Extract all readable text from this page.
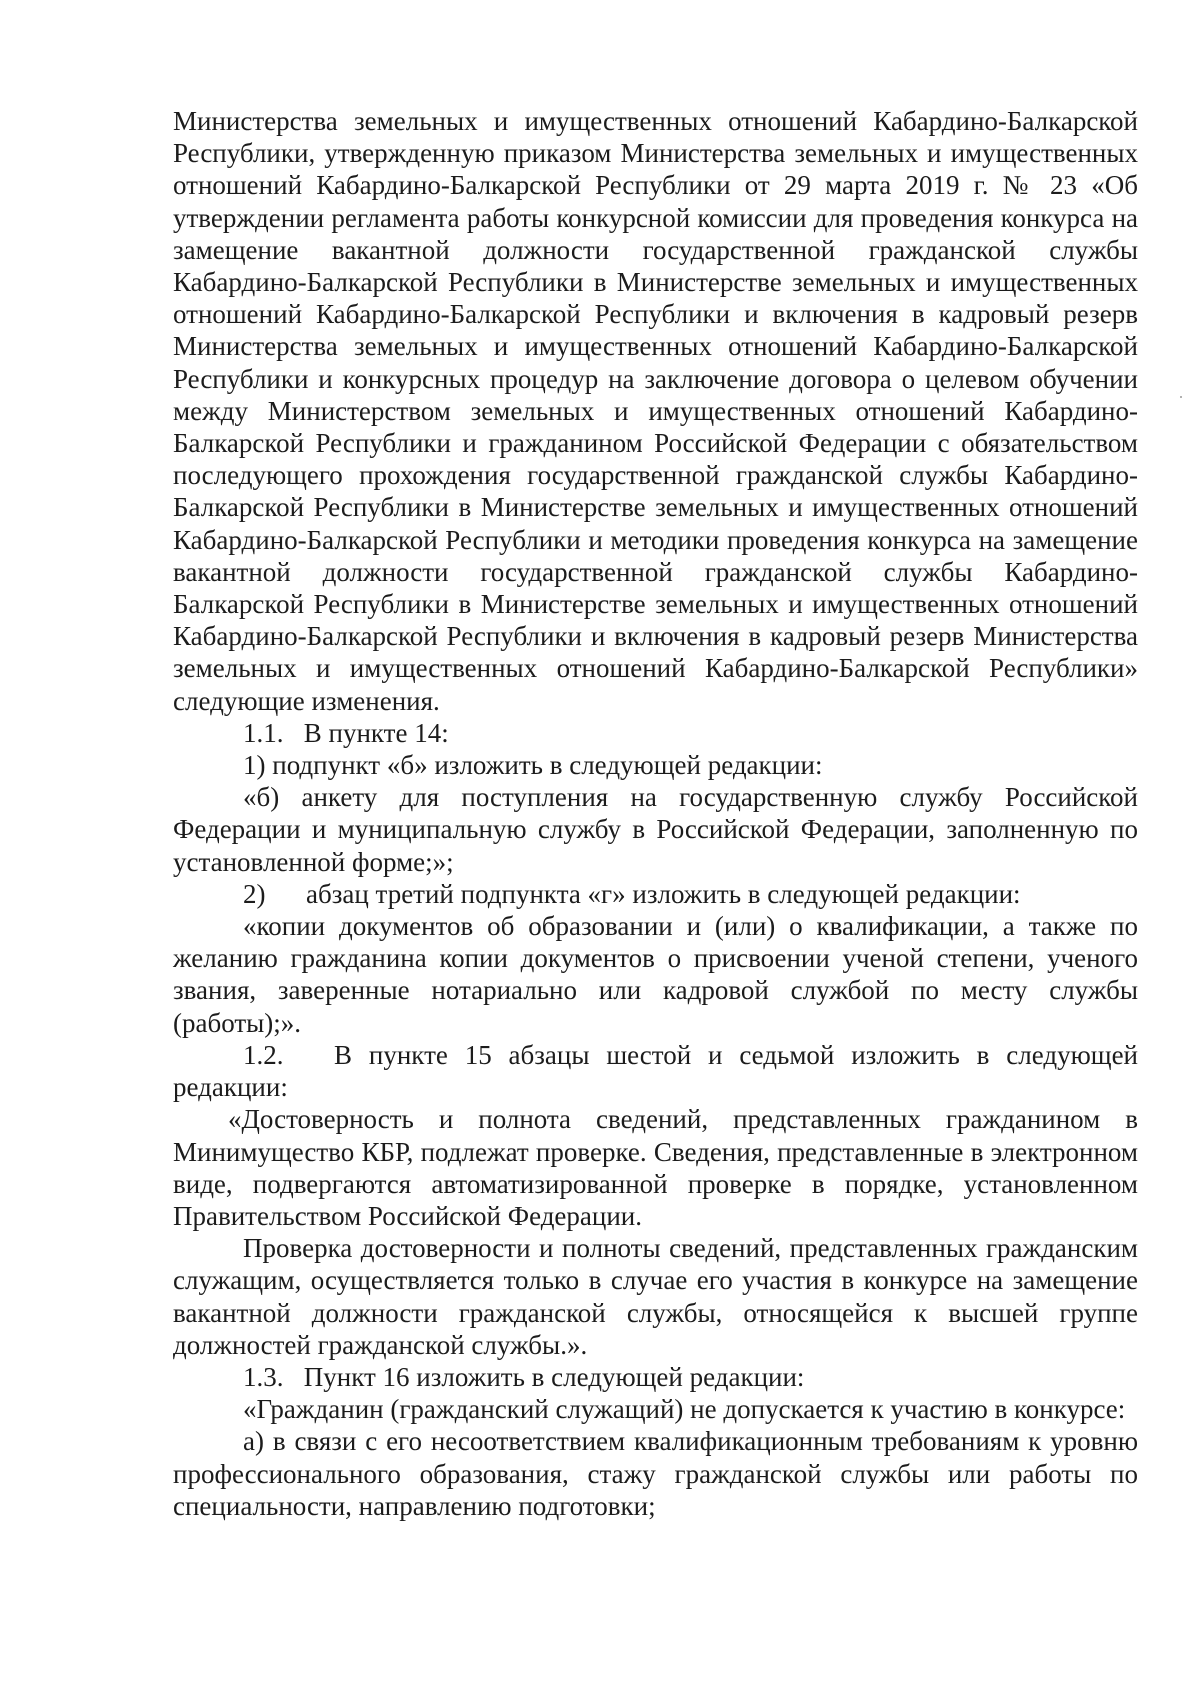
Министерства земельных и имущественных отношений Кабардино-Балкарской Республики, утвержденную приказом Министерства земельных и имущественных отношений Кабардино-Балкарской Республики от 29 марта 2019 г. № 23 «Об утверждении регламента работы конкурсной комиссии для проведения конкурса на замещение вакантной должности государственной гражданской службы Кабардино-Балкарской Республики в Министерстве земельных и имущественных отношений Кабардино-Балкарской Республики и включения в кадровый резерв Министерства земельных и имущественных отношений Кабардино-Балкарской Республики и конкурсных процедур на заключение договора о целевом обучении между Министерством земельных и имущественных отношений Кабардино-Балкарской Республики и гражданином Российской Федерации с обязательством последующего прохождения государственной гражданской службы Кабардино-Балкарской Республики в Министерстве земельных и имущественных отношений Кабардино-Балкарской Республики и методики проведения конкурса на замещение вакантной должности государственной гражданской службы Кабардино-Балкарской Республики в Министерстве земельных и имущественных отношений Кабардино-Балкарской Республики и включения в кадровый резерв Министерства земельных и имущественных отношений Кабардино-Балкарской Республики» следующие изменения.

1.1.   В пункте 14:

1) подпункт «б» изложить в следующей редакции:

«б) анкету для поступления на государственную службу Российской Федерации и муниципальную службу в Российской Федерации, заполненную по установленной форме;»;

2)      абзац третий подпункта «г» изложить в следующей редакции:

«копии документов об образовании и (или) о квалификации, а также по желанию гражданина копии документов о присвоении ученой степени, ученого звания, заверенные нотариально или кадровой службой по месту службы (работы);».

1.2.   В пункте 15 абзацы шестой и седьмой изложить в следующей редакции:

«Достоверность и полнота сведений, представленных гражданином в Минимущество КБР, подлежат проверке. Сведения, представленные в электронном виде, подвергаются автоматизированной проверке в порядке, установленном Правительством Российской Федерации.

Проверка достоверности и полноты сведений, представленных гражданским служащим, осуществляется только в случае его участия в конкурсе на замещение вакантной должности гражданской службы, относящейся к высшей группе должностей гражданской службы.».

1.3.   Пункт 16 изложить в следующей редакции:

«Гражданин (гражданский служащий) не допускается к участию в конкурсе:

а) в связи с его несоответствием квалификационным требованиям к уровню профессионального образования, стажу гражданской службы или работы по специальности, направлению подготовки;
